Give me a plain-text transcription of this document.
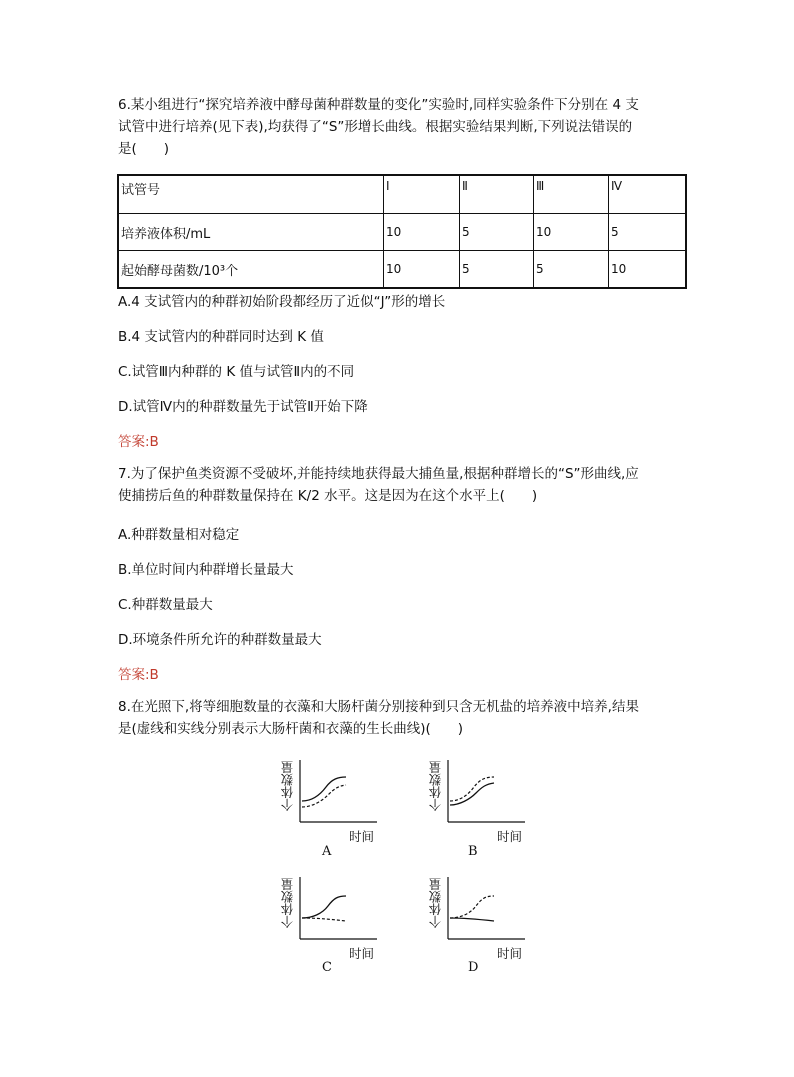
6.某小组进行“探究培养液中酵母菌种群数量的变化”实验时,同样实验条件下分别在 4 支
试管中进行培养(见下表),均获得了“S”形增长曲线。根据实验结果判断,下列说法错误的
是(　　)
试管号	Ⅰ	Ⅱ	Ⅲ	Ⅳ
培养液体积/mL	10	5	10	5
起始酵母菌数/10³个	10	5	5	10
A.4 支试管内的种群初始阶段都经历了近似“J”形的增长
B.4 支试管内的种群同时达到 K 值
C.试管Ⅲ内种群的 K 值与试管Ⅱ内的不同
D.试管Ⅳ内的种群数量先于试管Ⅱ开始下降
答案:B
7.为了保护鱼类资源不受破坏,并能持续地获得最大捕鱼量,根据种群增长的“S”形曲线,应
使捕捞后鱼的种群数量保持在 K/2 水平。这是因为在这个水平上(　　)
A.种群数量相对稳定
B.单位时间内种群增长量最大
C.种群数量最大
D.环境条件所允许的种群数量最大
答案:B
8.在光照下,将等细胞数量的衣藻和大肠杆菌分别接种到只含无机盐的培养液中培养,结果
是(虚线和实线分别表示大肠杆菌和衣藻的生长曲线)(　　)
个体数量
时间
A
个体数量
时间
B
个体数量
时间
C
个体数量
时间
D
